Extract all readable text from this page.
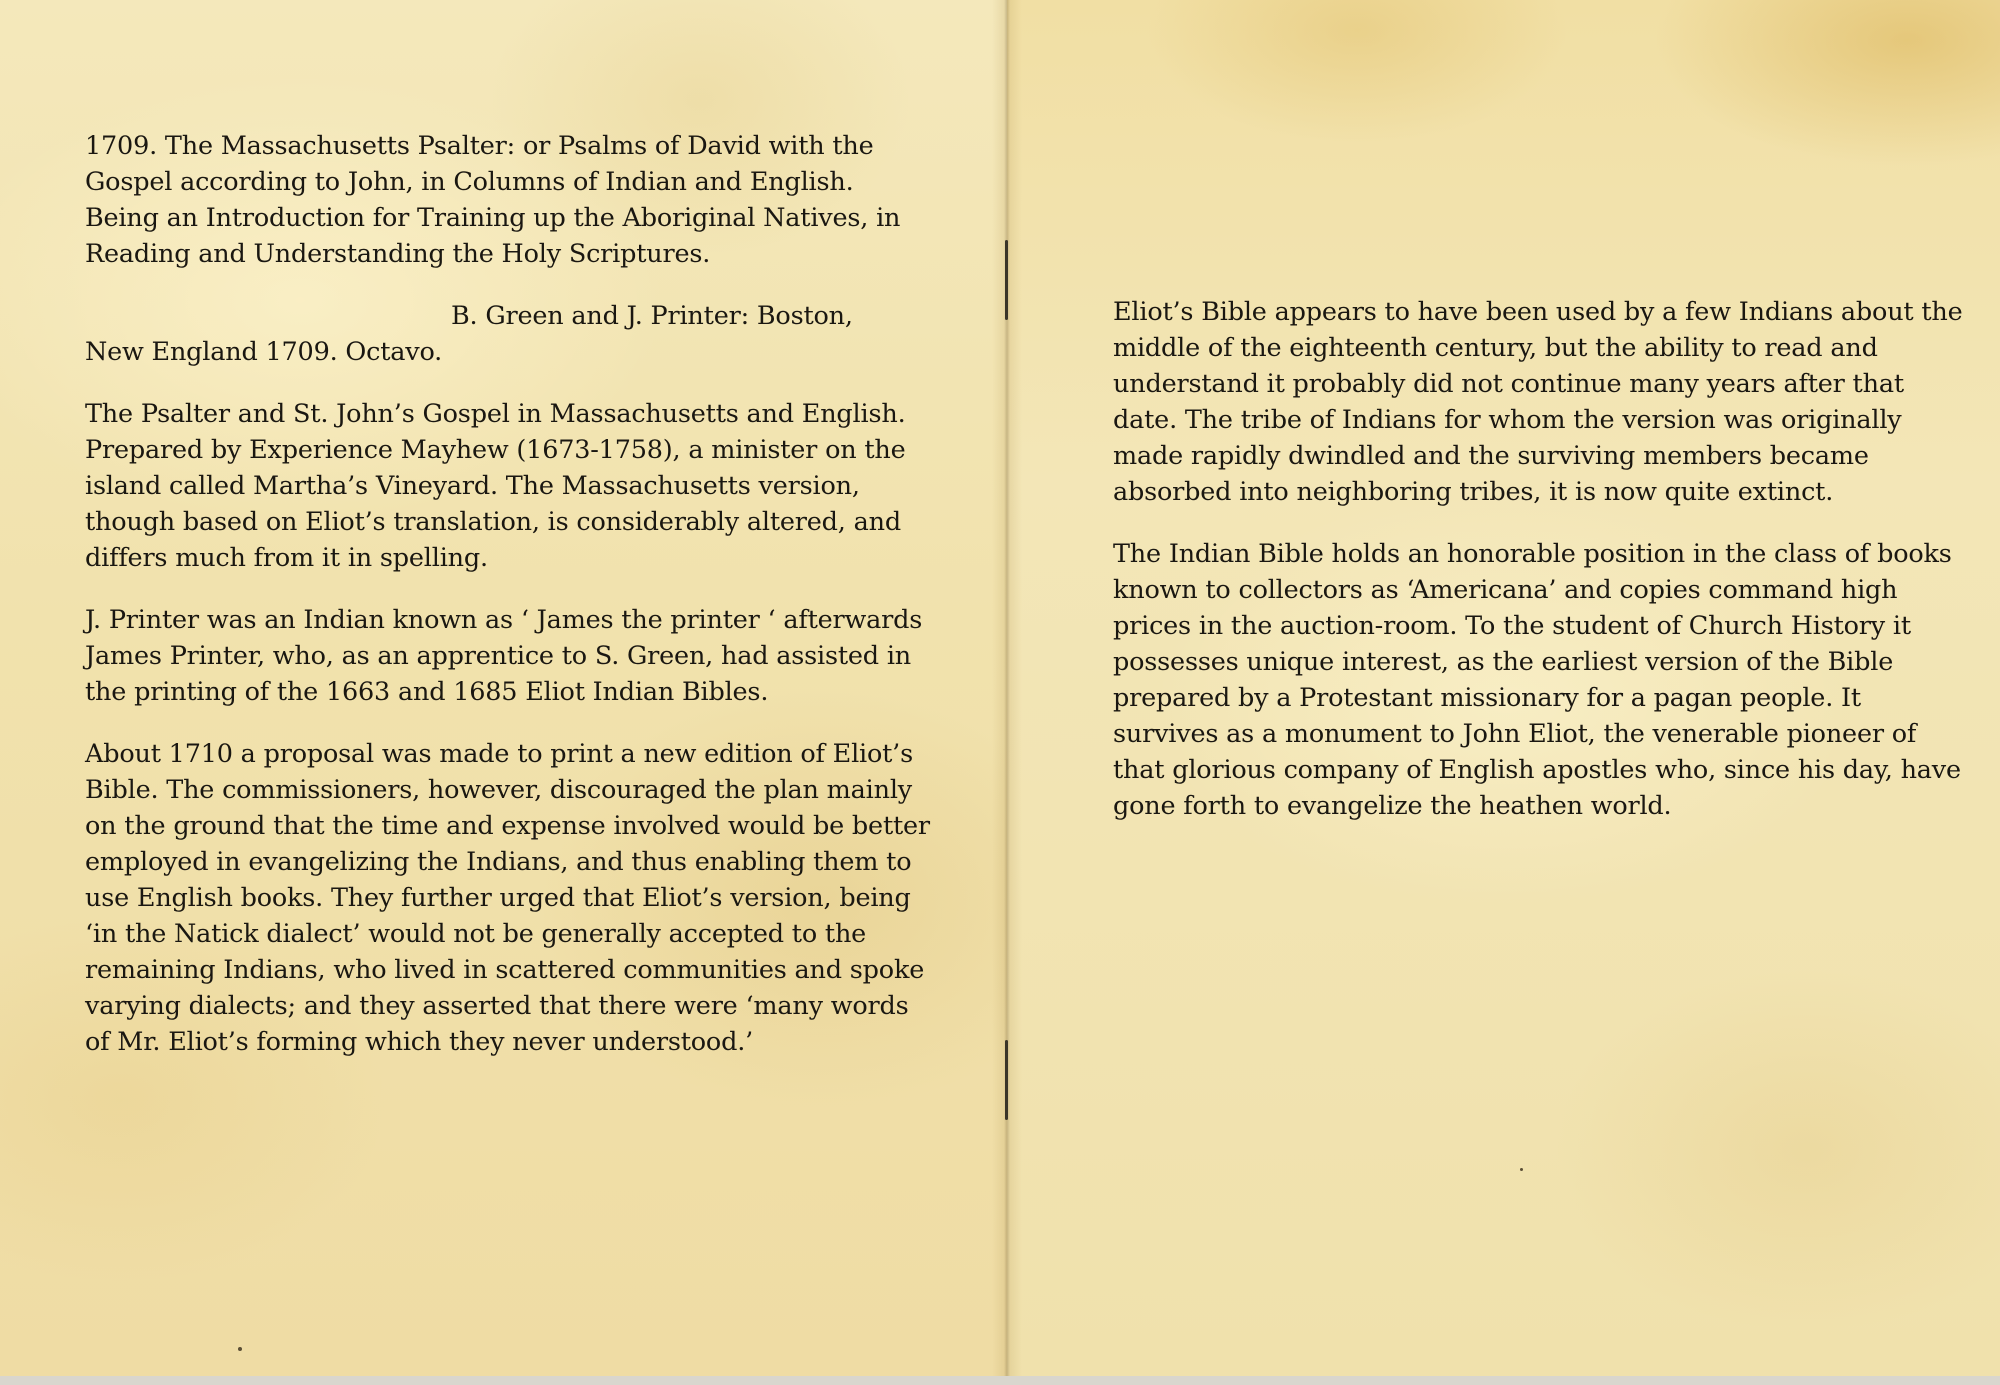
1709. The Massachusetts Psalter: or Psalms of David with the Gospel according to John, in Columns of Indian and English. Being an Introduction for Training up the Aboriginal Natives, in Reading and Understanding the Holy Scriptures.

B. Green and J. Printer: Boston,
New England 1709. Octavo.

The Psalter and St. John’s Gospel in Massachusetts and English. Prepared by Experience Mayhew (1673-1758), a minister on the island called Martha’s Vineyard. The Massachusetts version, though based on Eliot’s translation, is considerably altered, and differs much from it in spelling.

J. Printer was an Indian known as ‘ James the printer ‘ afterwards James Printer, who, as an apprentice to S. Green, had assisted in the printing of the 1663 and 1685 Eliot Indian Bibles.

About 1710 a proposal was made to print a new edition of Eliot’s Bible. The commissioners, however, discouraged the plan mainly on the ground that the time and expense involved would be better employed in evangelizing the Indians, and thus enabling them to use English books. They further urged that Eliot’s version, being ‘in the Natick dialect’ would not be generally accepted to the remaining Indians, who lived in scattered communities and spoke varying dialects; and they asserted that there were ‘many words of Mr. Eliot’s forming which they never understood.’

Eliot’s Bible appears to have been used by a few Indians about the middle of the eighteenth century, but the ability to read and understand it probably did not continue many years after that date. The tribe of Indians for whom the version was originally made rapidly dwindled and the surviving members became absorbed into neighboring tribes, it is now quite extinct.

The Indian Bible holds an honorable position in the class of books known to collectors as ‘Americana’ and copies command high prices in the auction-room. To the student of Church History it possesses unique interest, as the earliest version of the Bible prepared by a Protestant missionary for a pagan people. It survives as a monument to John Eliot, the venerable pioneer of that glorious company of English apostles who, since his day, have gone forth to evangelize the heathen world.
